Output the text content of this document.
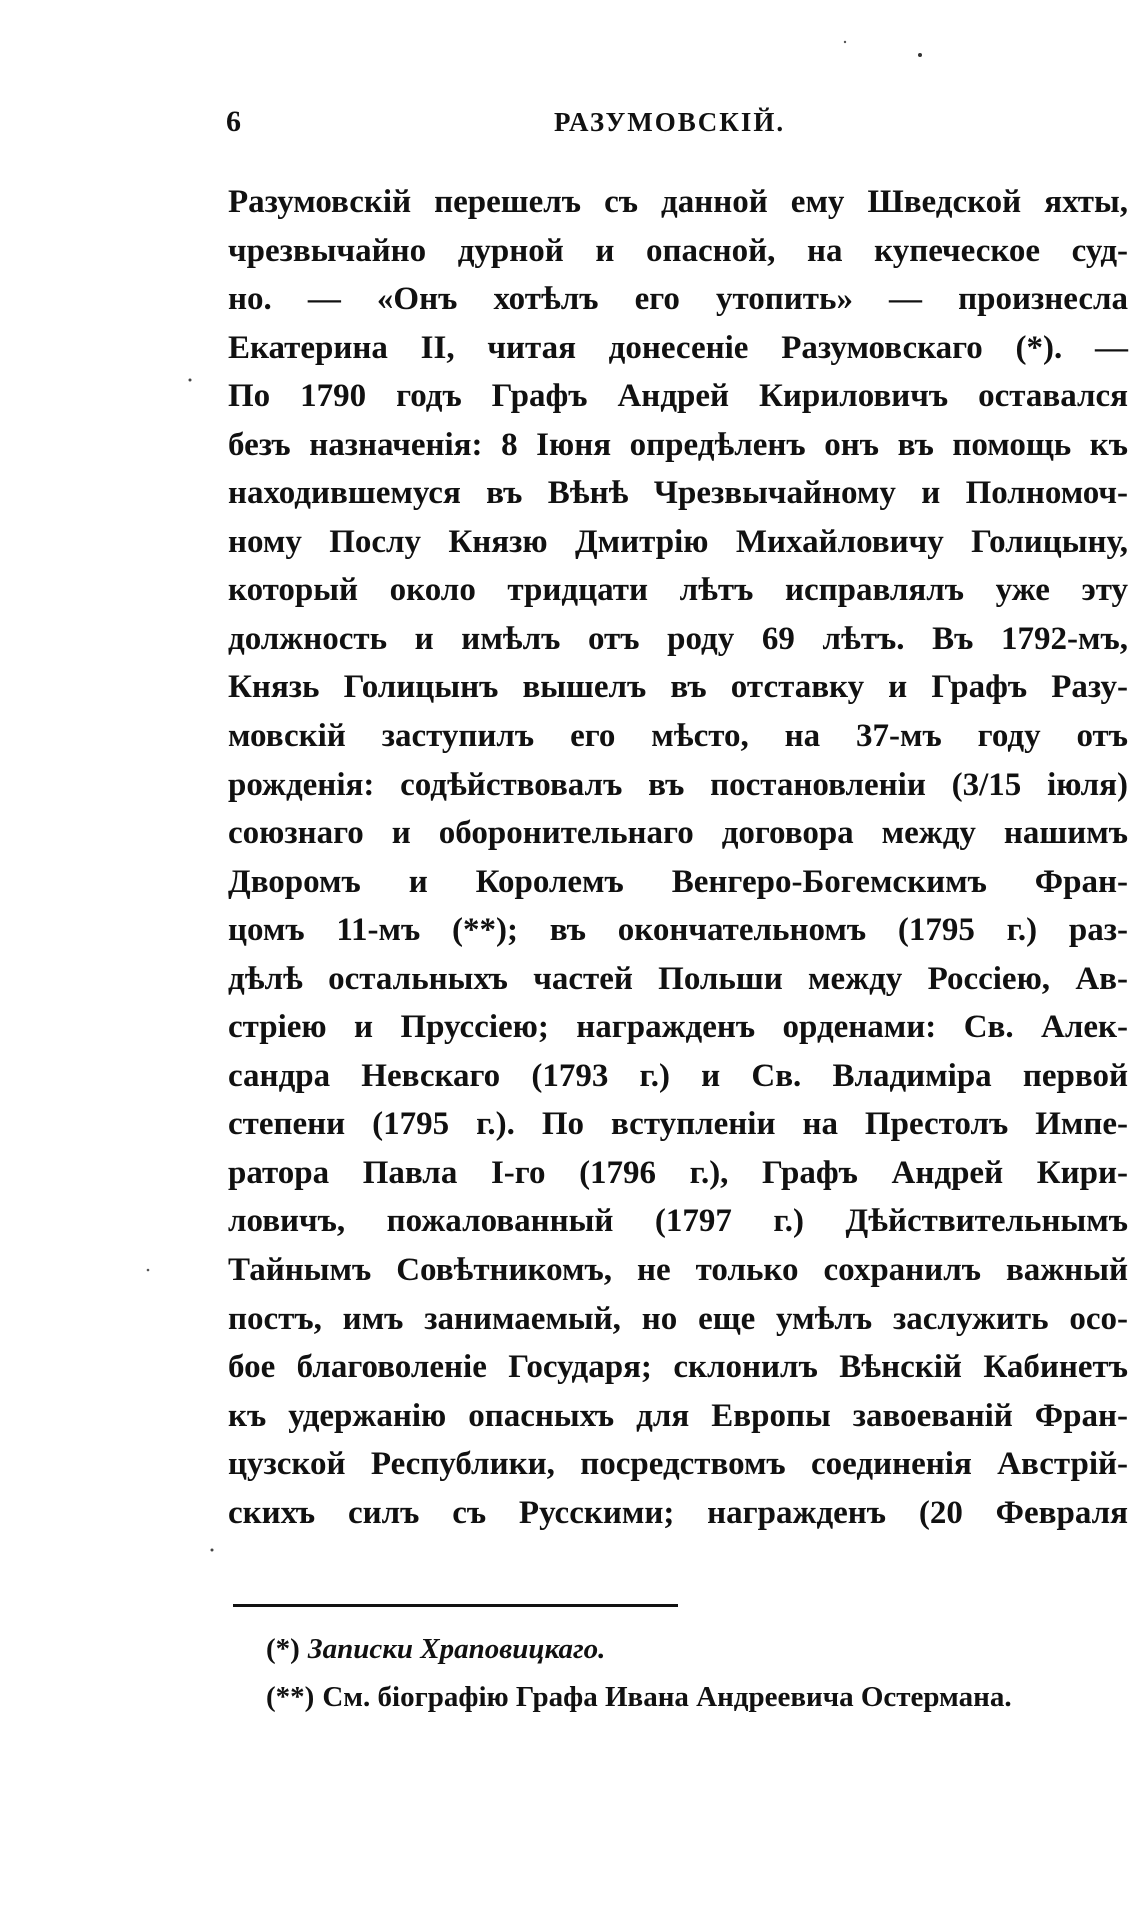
6	РАЗУМОВСКІЙ.
Разумовскій перешелъ съ данной ему Шведской яхты,
чрезвычайно дурной и опасной, на купеческое суд-
но. — «Онъ хотѣлъ его утопить» — произнесла
Екатерина II, читая донесеніе Разумовскаго (*). —
По 1790 годъ Графъ Андрей Кириловичъ оставался
безъ назначенія: 8 Іюня опредѣленъ онъ въ помощь къ
находившемуся въ Вѣнѣ Чрезвычайному и Полномоч-
ному Послу Князю Дмитрію Михайловичу Голицыну,
который около тридцати лѣтъ исправлялъ уже эту
должность и имѣлъ отъ роду 69 лѣтъ. Въ 1792-мъ,
Князь Голицынъ вышелъ въ отставку и Графъ Разу-
мовскій заступилъ его мѣсто, на 37-мъ году отъ
рожденія: содѣйствовалъ въ постановленіи (3/15 іюля)
союзнаго и оборонительнаго договора между нашимъ
Дворомъ и Королемъ Венгеро-Богемскимъ Фран-
цомъ 11-мъ (**); въ окончательномъ (1795 г.) раз-
дѣлѣ остальныхъ частей Польши между Россіею, Ав-
стріею и Пруссіею; награжденъ орденами: Св. Алек-
сандра Невскаго (1793 г.) и Св. Владиміра первой
степени (1795 г.). По вступленіи на Престолъ Импе-
ратора Павла I-го (1796 г.), Графъ Андрей Кири-
ловичъ, пожалованный (1797 г.) Дѣйствительнымъ
Тайнымъ Совѣтникомъ, не только сохранилъ важный
постъ, имъ занимаемый, но еще умѣлъ заслужить осо-
бое благоволеніе Государя; склонилъ Вѣнскій Кабинетъ
къ удержанію опасныхъ для Европы завоеваній Фран-
цузской Республики, посредствомъ соединенія Австрій-
скихъ силъ съ Русскими; награжденъ (20 Февраля
(*) Записки Храповицкаго.
(**) См. біографію Графа Ивана Андреевича Остермана.
